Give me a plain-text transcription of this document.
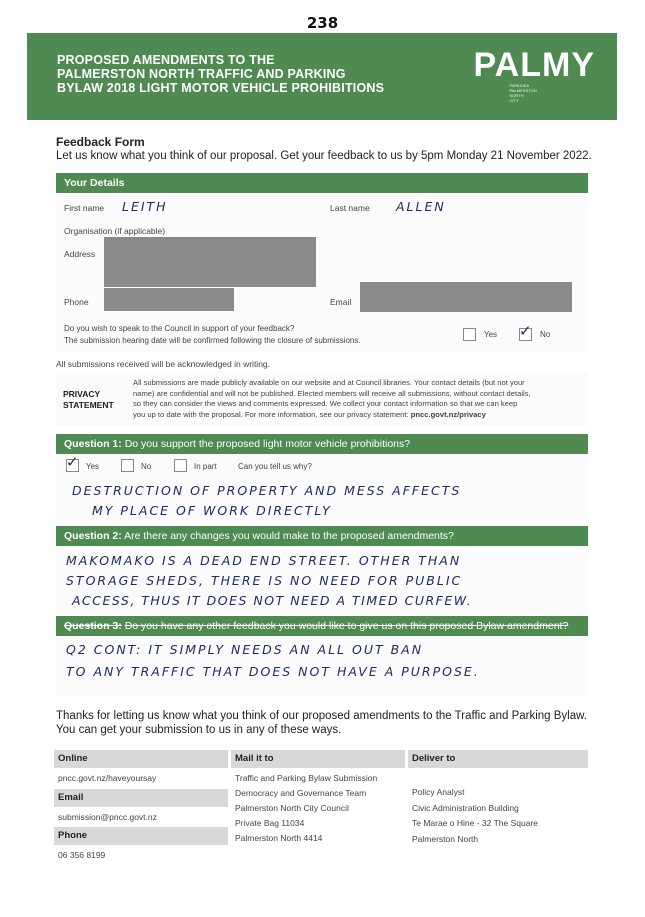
238
PROPOSED AMENDMENTS TO THE
PALMERSTON NORTH TRAFFIC AND PARKING
BYLAW 2018 LIGHT MOTOR VEHICLE PROHIBITIONS
PALMY
PAPAIOEA
PALMERSTON
NORTH
CITY
Feedback Form
Let us know what you think of our proposal. Get your feedback to us by 5pm Monday 21 November 2022.
Your Details
First name LEITH	Last name ALLEN
Organisation (if applicable)
Address
Phone	Email
Do you wish to speak to the Council in support of your feedback?
The submission hearing date will be confirmed following the closure of submissions.
Yes ✓ No
All submissions received will be acknowledged in writing.
PRIVACY
STATEMENT
All submissions are made publicly available on our website and at Council libraries. Your contact details (but not your
name) are confidential and will not be published. Elected members will receive all submissions, without contact details,
so they can consider the views and comments expressed. We collect your contact information so that we can keep
you up to date with the proposal. For more information, see our privacy statement: pncc.govt.nz/privacy
Question 1: Do you support the proposed light motor vehicle prohibitions?
✓ Yes	No	In part	Can you tell us why?
DESTRUCTION OF PROPERTY AND MESS AFFECTS
MY PLACE OF WORK DIRECTLY
Question 2: Are there any changes you would make to the proposed amendments?
MAKOMAKO IS A DEAD END STREET. OTHER THAN
STORAGE SHEDS, THERE IS NO NEED FOR PUBLIC
ACCESS, THUS IT DOES NOT NEED A TIMED CURFEW.
Question 3: Do you have any other feedback you would like to give us on this proposed Bylaw amendment?
Q2 CONT: IT SIMPLY NEEDS AN ALL OUT BAN
TO ANY TRAFFIC THAT DOES NOT HAVE A PURPOSE.
Thanks for letting us know what you think of our proposed amendments to the Traffic and Parking Bylaw.
You can get your submission to us in any of these ways.
Online
pncc.govt.nz/haveyoursay
Email
submission@pncc.govt.nz
Phone
06 356 8199
Mail it to
Traffic and Parking Bylaw Submission
Democracy and Governance Team
Palmerston North City Council
Private Bag 11034
Palmerston North 4414
Deliver to
Policy Analyst
Civic Administration Building
Te Marae o Hine - 32 The Square
Palmerston North
